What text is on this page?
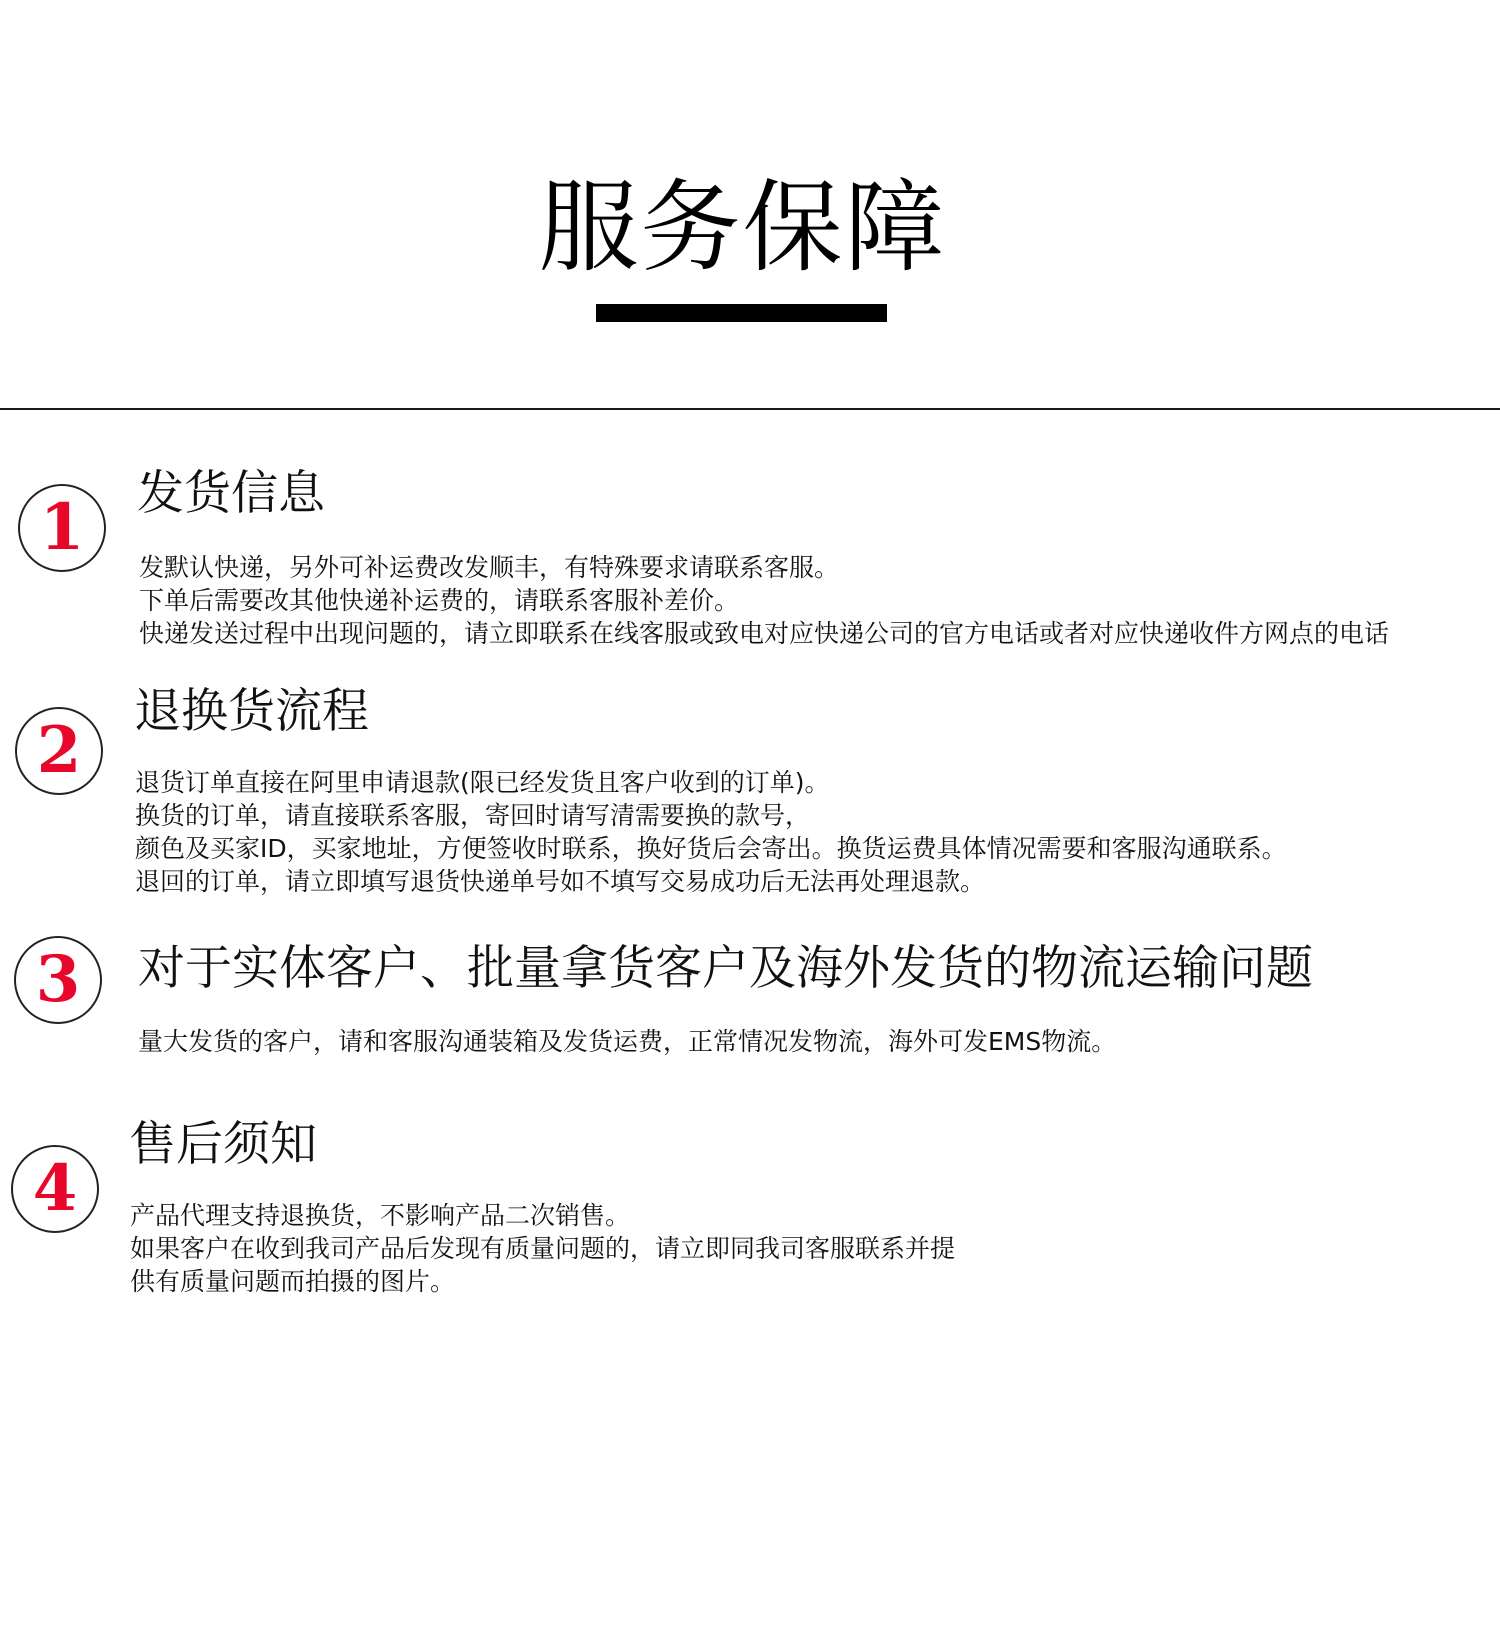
服务保障
1	发货信息
发默认快递，另外可补运费改发顺丰，有特殊要求请联系客服。
下单后需要改其他快递补运费的，请联系客服补差价。
快递发送过程中出现问题的，请立即联系在线客服或致电对应快递公司的官方电话或者对应快递收件方网点的电话
2
退换货流程
退货订单直接在阿里申请退款(限已经发货且客户收到的订单)。
换货的订单，请直接联系客服，寄回时请写清需要换的款号，
颜色及买家ID，买家地址，方便签收时联系，换好货后会寄出。换货运费具体情况需要和客服沟通联系。
退回的订单，请立即填写退货快递单号如不填写交易成功后无法再处理退款。
3	对于实体客户、批量拿货客户及海外发货的物流运输问题
量大发货的客户，请和客服沟通装箱及发货运费，正常情况发物流，海外可发EMS物流。
4
售后须知
产品代理支持退换货，不影响产品二次销售。
如果客户在收到我司产品后发现有质量问题的，请立即同我司客服联系并提
供有质量问题而拍摄的图片。
